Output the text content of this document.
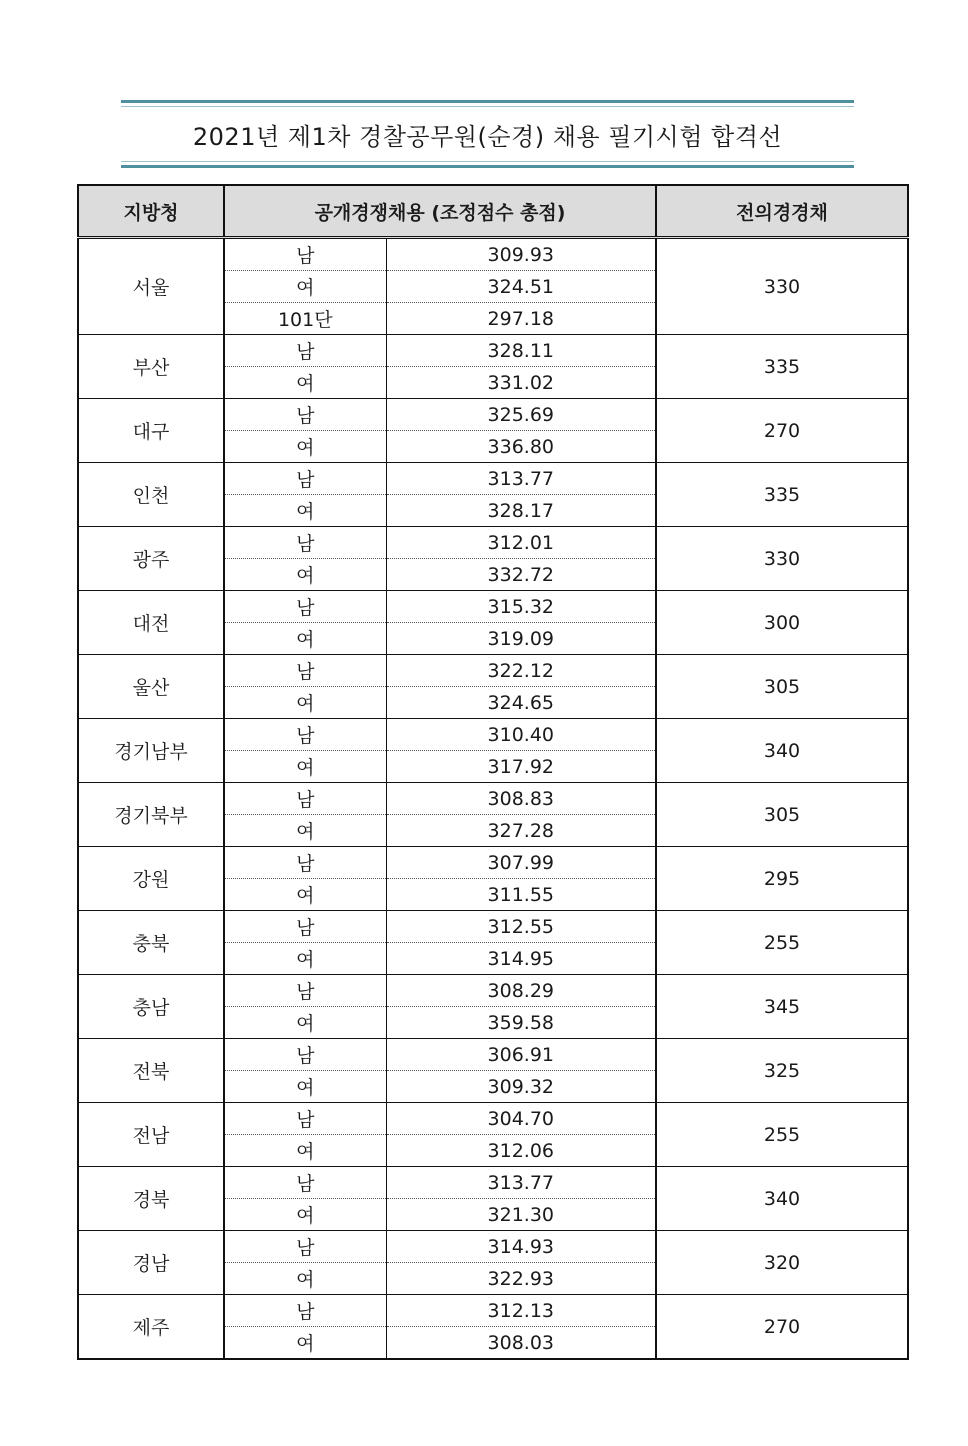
2021년 제1차 경찰공무원(순경) 채용 필기시험 합격선
지방청	공개경쟁채용 (조정점수 총점)		전의경경채
서울	남	309.93	330
	여	324.51	
	101단	297.18	
부산	남	328.11	335
	여	331.02	
대구	남	325.69	270
	여	336.80	
인천	남	313.77	335
	여	328.17	
광주	남	312.01	330
	여	332.72	
대전	남	315.32	300
	여	319.09	
울산	남	322.12	305
	여	324.65	
경기남부	남	310.40	340
	여	317.92	
경기북부	남	308.83	305
	여	327.28	
강원	남	307.99	295
	여	311.55	
충북	남	312.55	255
	여	314.95	
충남	남	308.29	345
	여	359.58	
전북	남	306.91	325
	여	309.32	
전남	남	304.70	255
	여	312.06	
경북	남	313.77	340
	여	321.30	
경남	남	314.93	320
	여	322.93	
제주	남	312.13	270
	여	308.03	
